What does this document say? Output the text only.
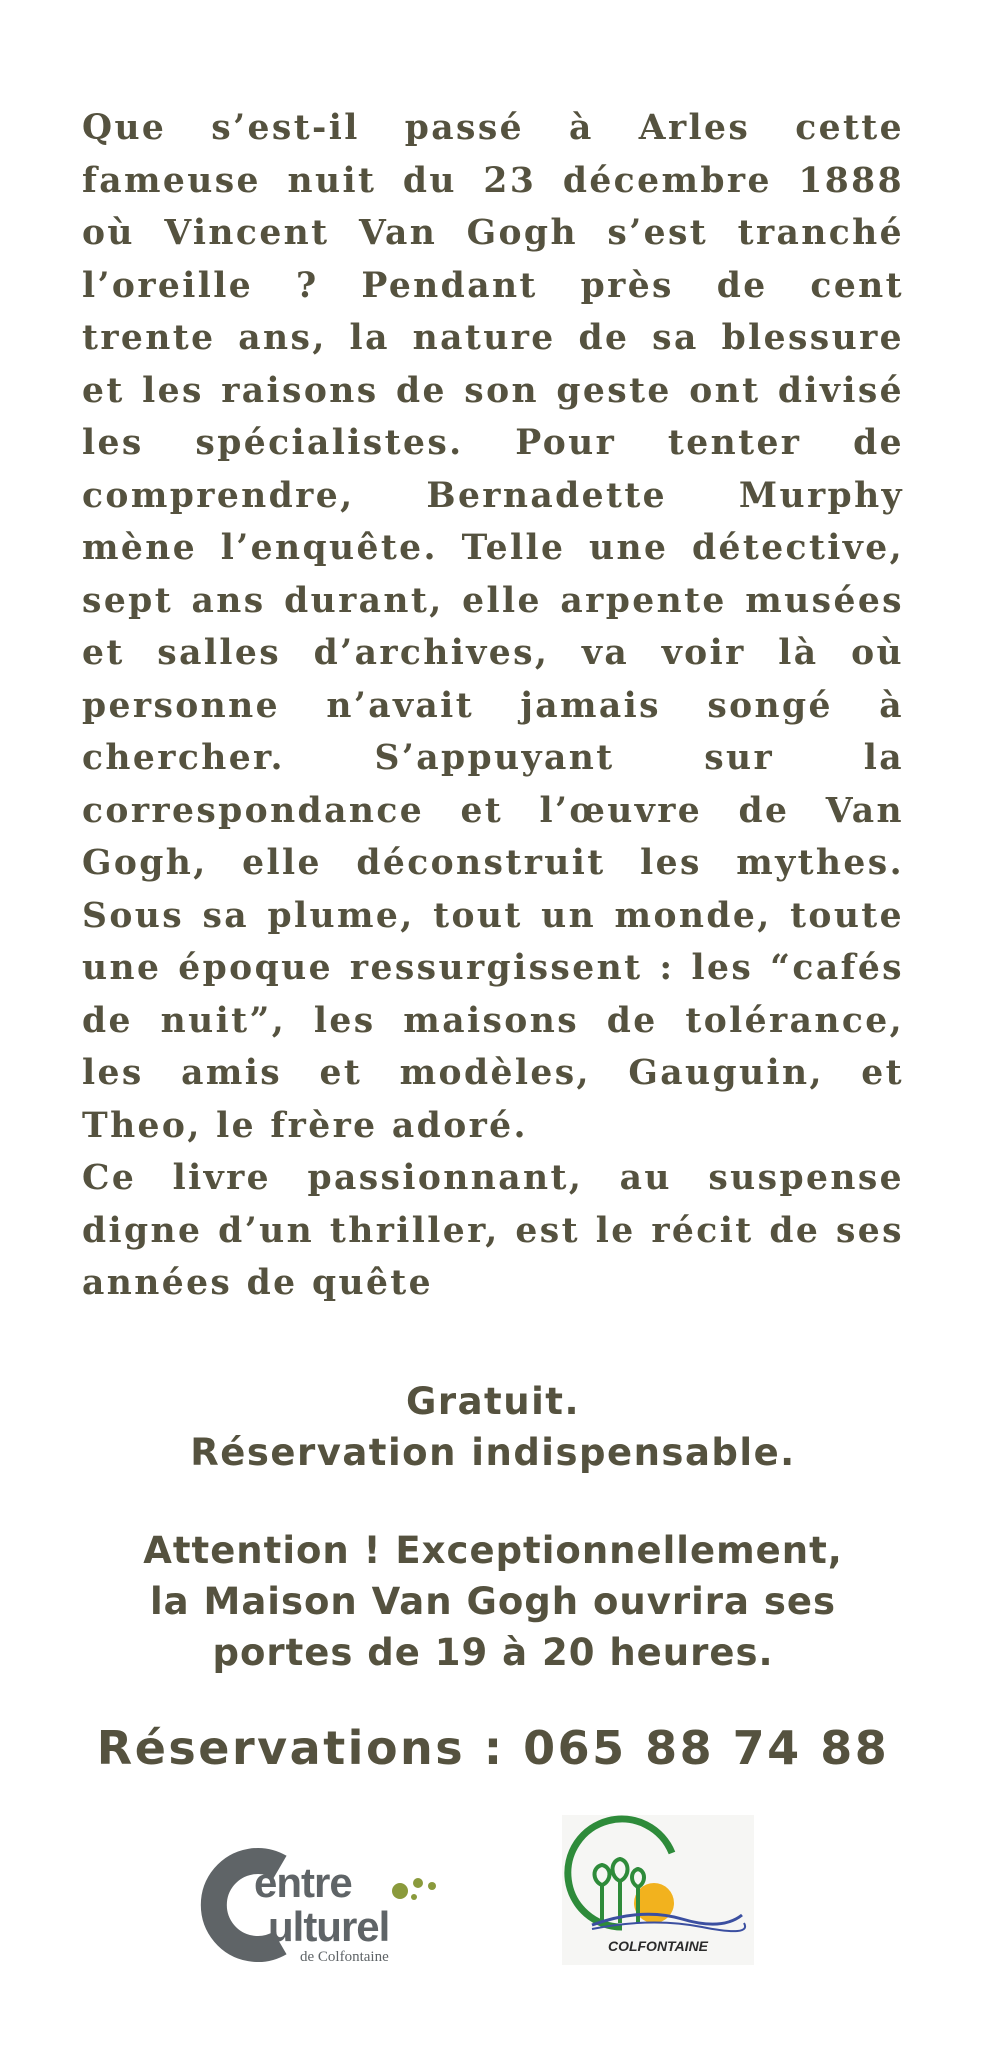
Que s’est-il passé à Arles cette fameuse nuit du 23 décembre 1888 où Vincent Van Gogh s’est tranché l’oreille ? Pendant près de cent trente ans, la nature de sa blessure et les raisons de son geste ont divisé les spécialistes. Pour tenter de comprendre, Bernadette Murphy mène l’enquête. Telle une détective, sept ans durant, elle arpente musées et salles d’archives, va voir là où personne n’avait jamais songé à chercher. S’appuyant sur la correspondance et l’œuvre de Van Gogh, elle déconstruit les mythes. Sous sa plume, tout un monde, toute une époque ressurgissent : les “cafés de nuit”, les maisons de tolérance, les amis et modèles, Gauguin, et Theo, le frère adoré.

Ce livre passionnant, au suspense digne d’un thriller, est le récit de ses années de quête

Gratuit.
Réservation indispensable.
Attention ! Exceptionnellement,
la Maison Van Gogh ouvrira ses
portes de 19 à 20 heures.
Réservations : 065 88 74 88
entre
ulturel
de Colfontaine
COLFONTAINE
